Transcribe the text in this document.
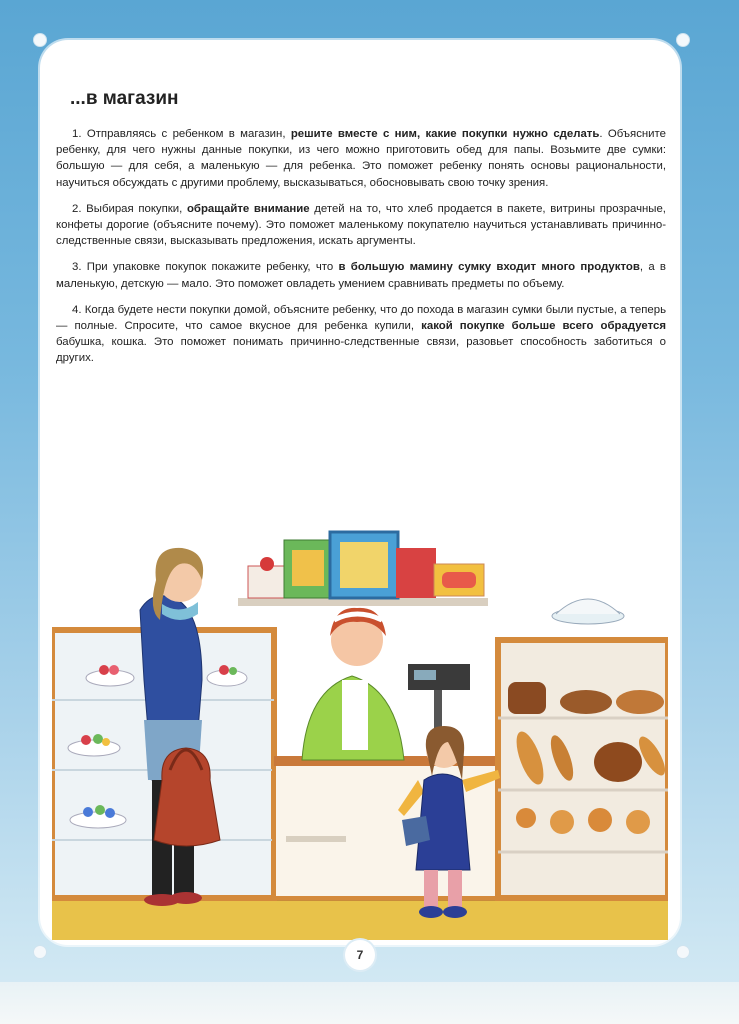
...в магазин

1. Отправляясь с ребенком в магазин, решите вместе с ним, какие покупки нужно сделать. Объясните ребенку, для чего нужны данные покупки, из чего можно приготовить обед для папы. Возьмите две сумки: большую — для себя, а маленькую — для ребенка. Это поможет ребенку понять основы рациональности, научиться обсуждать с другими проблему, высказываться, обосновывать свою точку зрения.

2. Выбирая покупки, обращайте внимание детей на то, что хлеб продается в пакете, витрины прозрачные, конфеты дорогие (объясните почему). Это поможет маленькому покупателю научиться устанавливать причинно-следственные связи, высказывать предложения, искать аргументы.

3. При упаковке покупок покажите ребенку, что в большую мамину сумку входит много продуктов, а в маленькую, детскую — мало. Это поможет овладеть умением сравнивать предметы по объему.

4. Когда будете нести покупки домой, объясните ребенку, что до похода в магазин сумки были пустые, а теперь — полные. Спросите, что самое вкусное для ребенка купили, какой покупке больше всего обрадуется бабушка, кошка. Это поможет понимать причинно-следственные связи, разовьет способность заботиться о других.

7
